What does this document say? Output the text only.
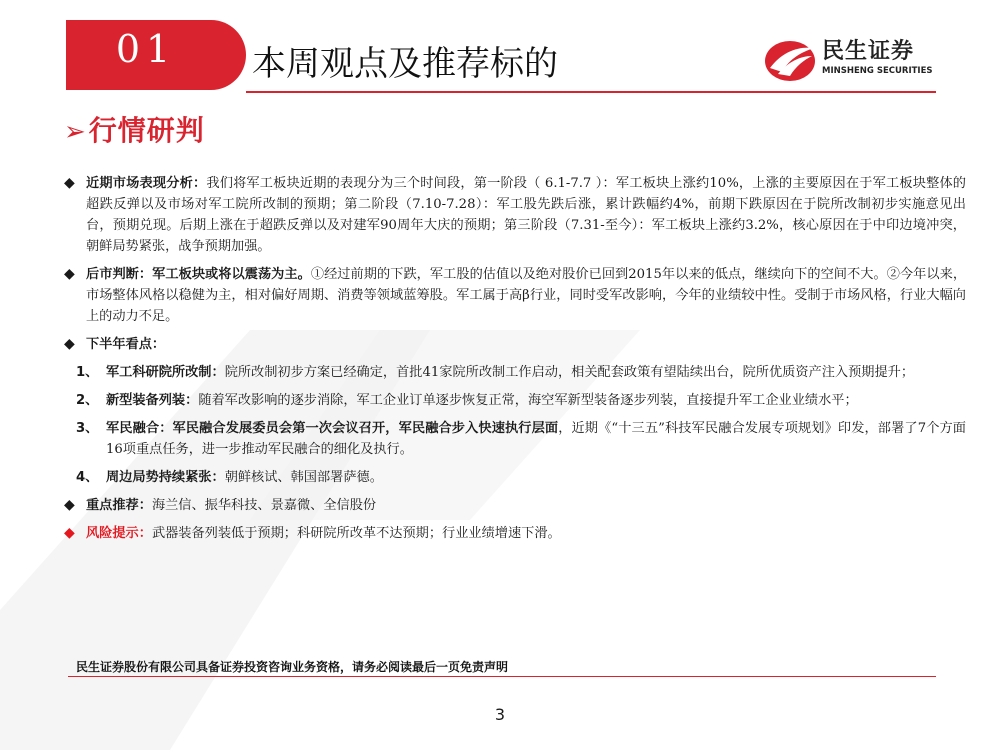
01	本周观点及推荐标的	民生证券
MINSHENG SECURITIES
➢行情研判
◆ 近期市场表现分析：我们将军工板块近期的表现分为三个时间段，第一阶段（ 6.1-7.7 ）：军工板块上涨约10%，上涨的主要原因在于军工板块整体的超跌反弹以及市场对军工院所改制的预期；第二阶段（7.10-7.28）：军工股先跌后涨，累计跌幅约4%，前期下跌原因在于院所改制初步实施意见出台，预期兑现。后期上涨在于超跌反弹以及对建军90周年大庆的预期；第三阶段（7.31-至今）：军工板块上涨约3.2%，核心原因在于中印边境冲突，朝鲜局势紧张，战争预期加强。
◆ 后市判断：军工板块或将以震荡为主。①经过前期的下跌，军工股的估值以及绝对股价已回到2015年以来的低点，继续向下的空间不大。②今年以来，市场整体风格以稳健为主，相对偏好周期、消费等领域蓝筹股。军工属于高β行业，同时受军改影响，今年的业绩较中性。受制于市场风格，行业大幅向上的动力不足。
◆ 下半年看点：
1、 军工科研院所改制：院所改制初步方案已经确定，首批41家院所改制工作启动，相关配套政策有望陆续出台，院所优质资产注入预期提升；
2、 新型装备列装：随着军改影响的逐步消除，军工企业订单逐步恢复正常，海空军新型装备逐步列装，直接提升军工企业业绩水平；
3、 军民融合：军民融合发展委员会第一次会议召开，军民融合步入快速执行层面，近期《“十三五”科技军民融合发展专项规划》印发，部署了7个方面16项重点任务，进一步推动军民融合的细化及执行。
4、 周边局势持续紧张：朝鲜核试、韩国部署萨德。
◆ 重点推荐：海兰信、振华科技、景嘉微、全信股份
◆ 风险提示：武器装备列装低于预期；科研院所改革不达预期；行业业绩增速下滑。
民生证券股份有限公司具备证券投资咨询业务资格，请务必阅读最后一页免责声明
3
